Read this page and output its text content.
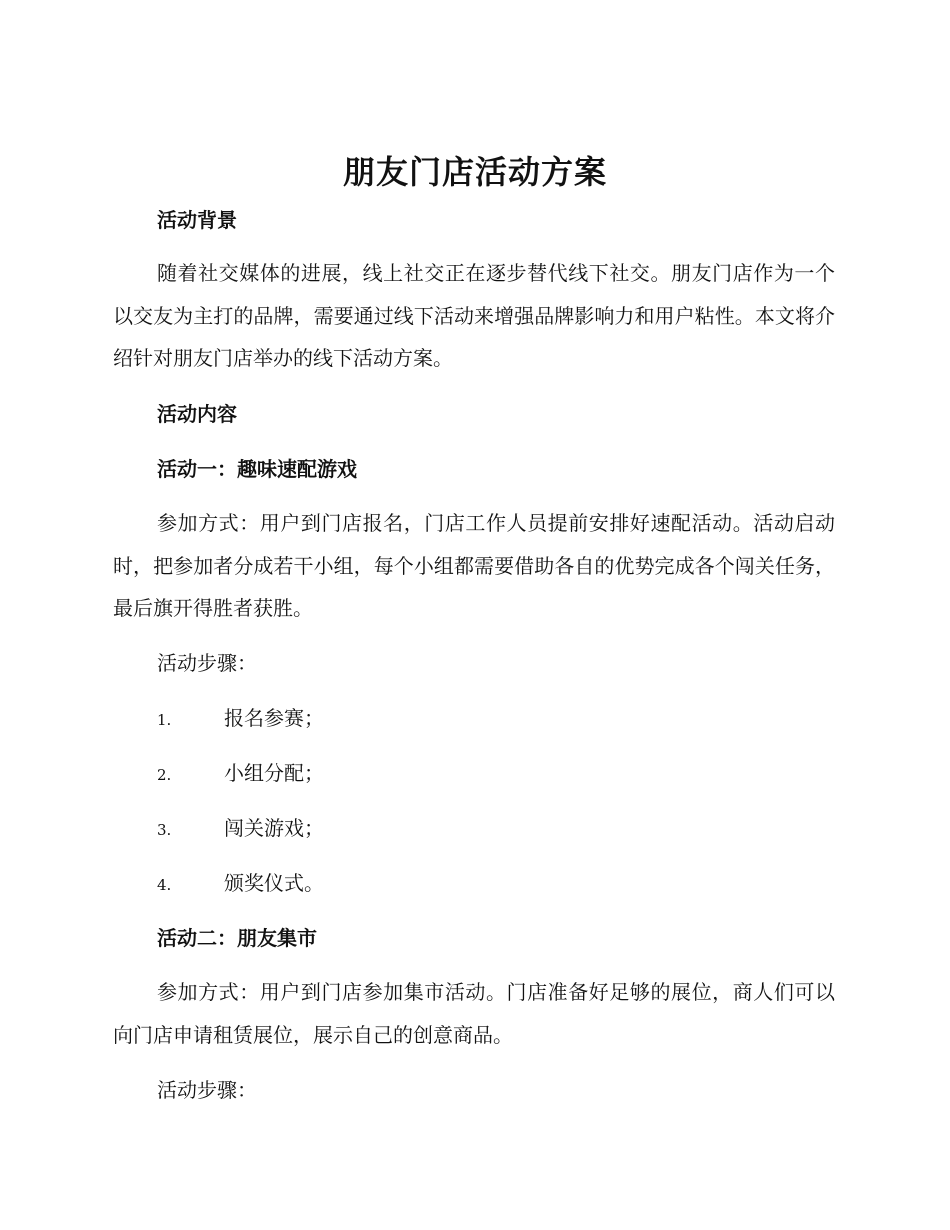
朋友门店活动方案
活动背景

随着社交媒体的进展，线上社交正在逐步替代线下社交。朋友门店作为一个以交友为主打的品牌，需要通过线下活动来增强品牌影响力和用户粘性。本文将介绍针对朋友门店举办的线下活动方案。

活动内容
活动一：趣味速配游戏

参加方式：用户到门店报名，门店工作人员提前安排好速配活动。活动启动时，把参加者分成若干小组，每个小组都需要借助各自的优势完成各个闯关任务，最后旗开得胜者获胜。

活动步骤：

1.	报名参赛；
2.	小组分配；
3.	闯关游戏；
4.	颁奖仪式。
活动二：朋友集市

参加方式：用户到门店参加集市活动。门店准备好足够的展位，商人们可以向门店申请租赁展位，展示自己的创意商品。

活动步骤：
